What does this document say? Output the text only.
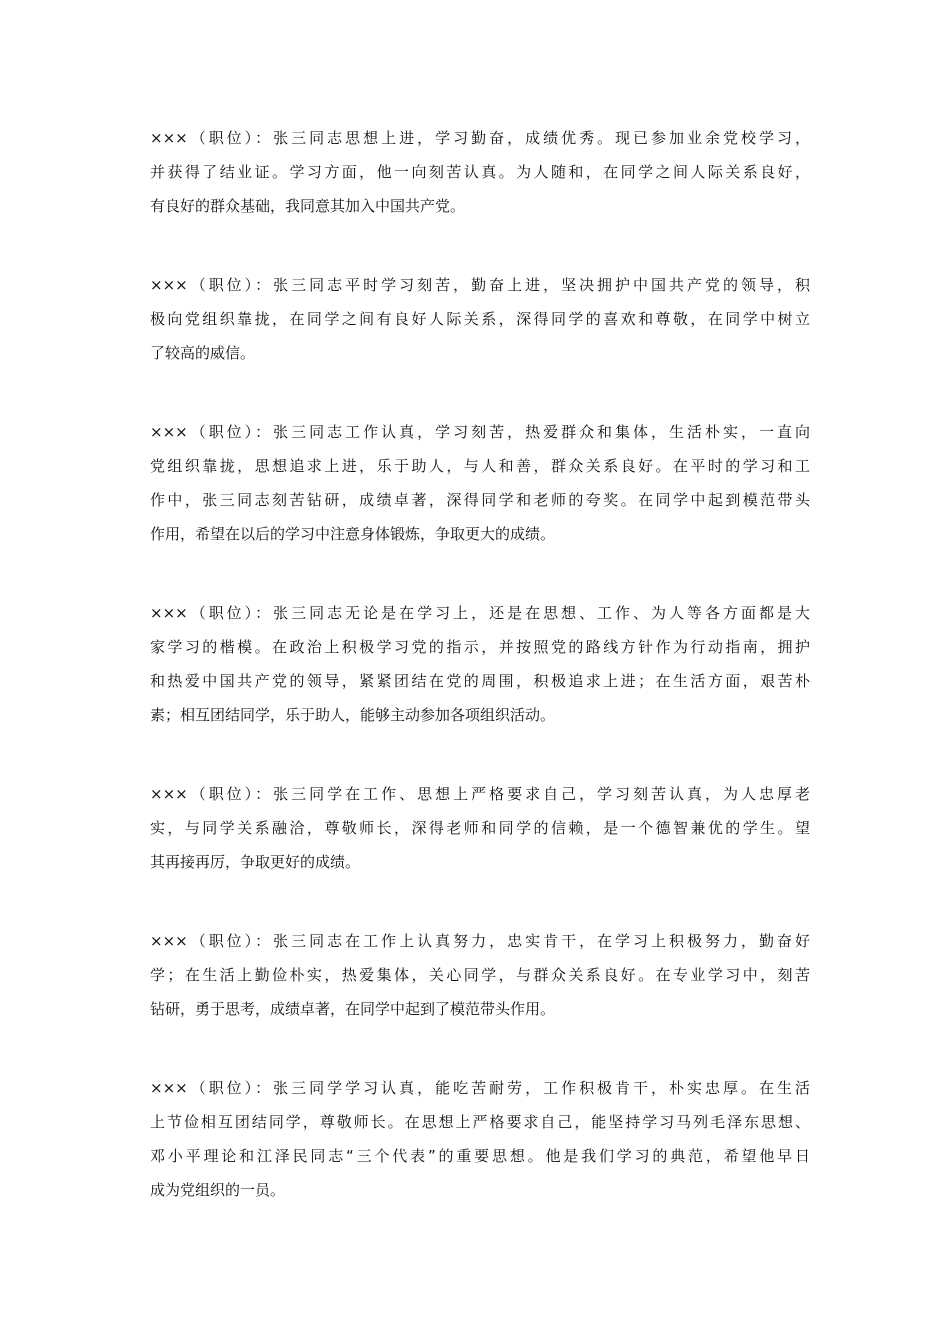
×××（职位）：张三同志思想上进，学习勤奋，成绩优秀。现已参加业余党校学习，
并获得了结业证。学习方面，他一向刻苦认真。为人随和，在同学之间人际关系良好，
有良好的群众基础，我同意其加入中国共产党。

×××（职位）：张三同志平时学习刻苦，勤奋上进，坚决拥护中国共产党的领导，积
极向党组织靠拢，在同学之间有良好人际关系，深得同学的喜欢和尊敬，在同学中树立
了较高的威信。

×××（职位）：张三同志工作认真，学习刻苦，热爱群众和集体，生活朴实，一直向
党组织靠拢，思想追求上进，乐于助人，与人和善，群众关系良好。在平时的学习和工
作中，张三同志刻苦钻研，成绩卓著，深得同学和老师的夸奖。在同学中起到模范带头
作用，希望在以后的学习中注意身体锻炼，争取更大的成绩。

×××（职位）：张三同志无论是在学习上，还是在思想、工作、为人等各方面都是大
家学习的楷模。在政治上积极学习党的指示，并按照党的路线方针作为行动指南，拥护
和热爱中国共产党的领导，紧紧团结在党的周围，积极追求上进；在生活方面，艰苦朴
素；相互团结同学，乐于助人，能够主动参加各项组织活动。

×××（职位）：张三同学在工作、思想上严格要求自己，学习刻苦认真，为人忠厚老
实，与同学关系融洽，尊敬师长，深得老师和同学的信赖，是一个德智兼优的学生。望
其再接再厉，争取更好的成绩。

×××（职位）：张三同志在工作上认真努力，忠实肯干，在学习上积极努力，勤奋好
学；在生活上勤俭朴实，热爱集体，关心同学，与群众关系良好。在专业学习中，刻苦
钻研，勇于思考，成绩卓著，在同学中起到了模范带头作用。

×××（职位）：张三同学学习认真，能吃苦耐劳，工作积极肯干，朴实忠厚。在生活
上节俭相互团结同学，尊敬师长。在思想上严格要求自己，能坚持学习马列毛泽东思想、
邓小平理论和江泽民同志“三个代表”的重要思想。他是我们学习的典范，希望他早日
成为党组织的一员。
